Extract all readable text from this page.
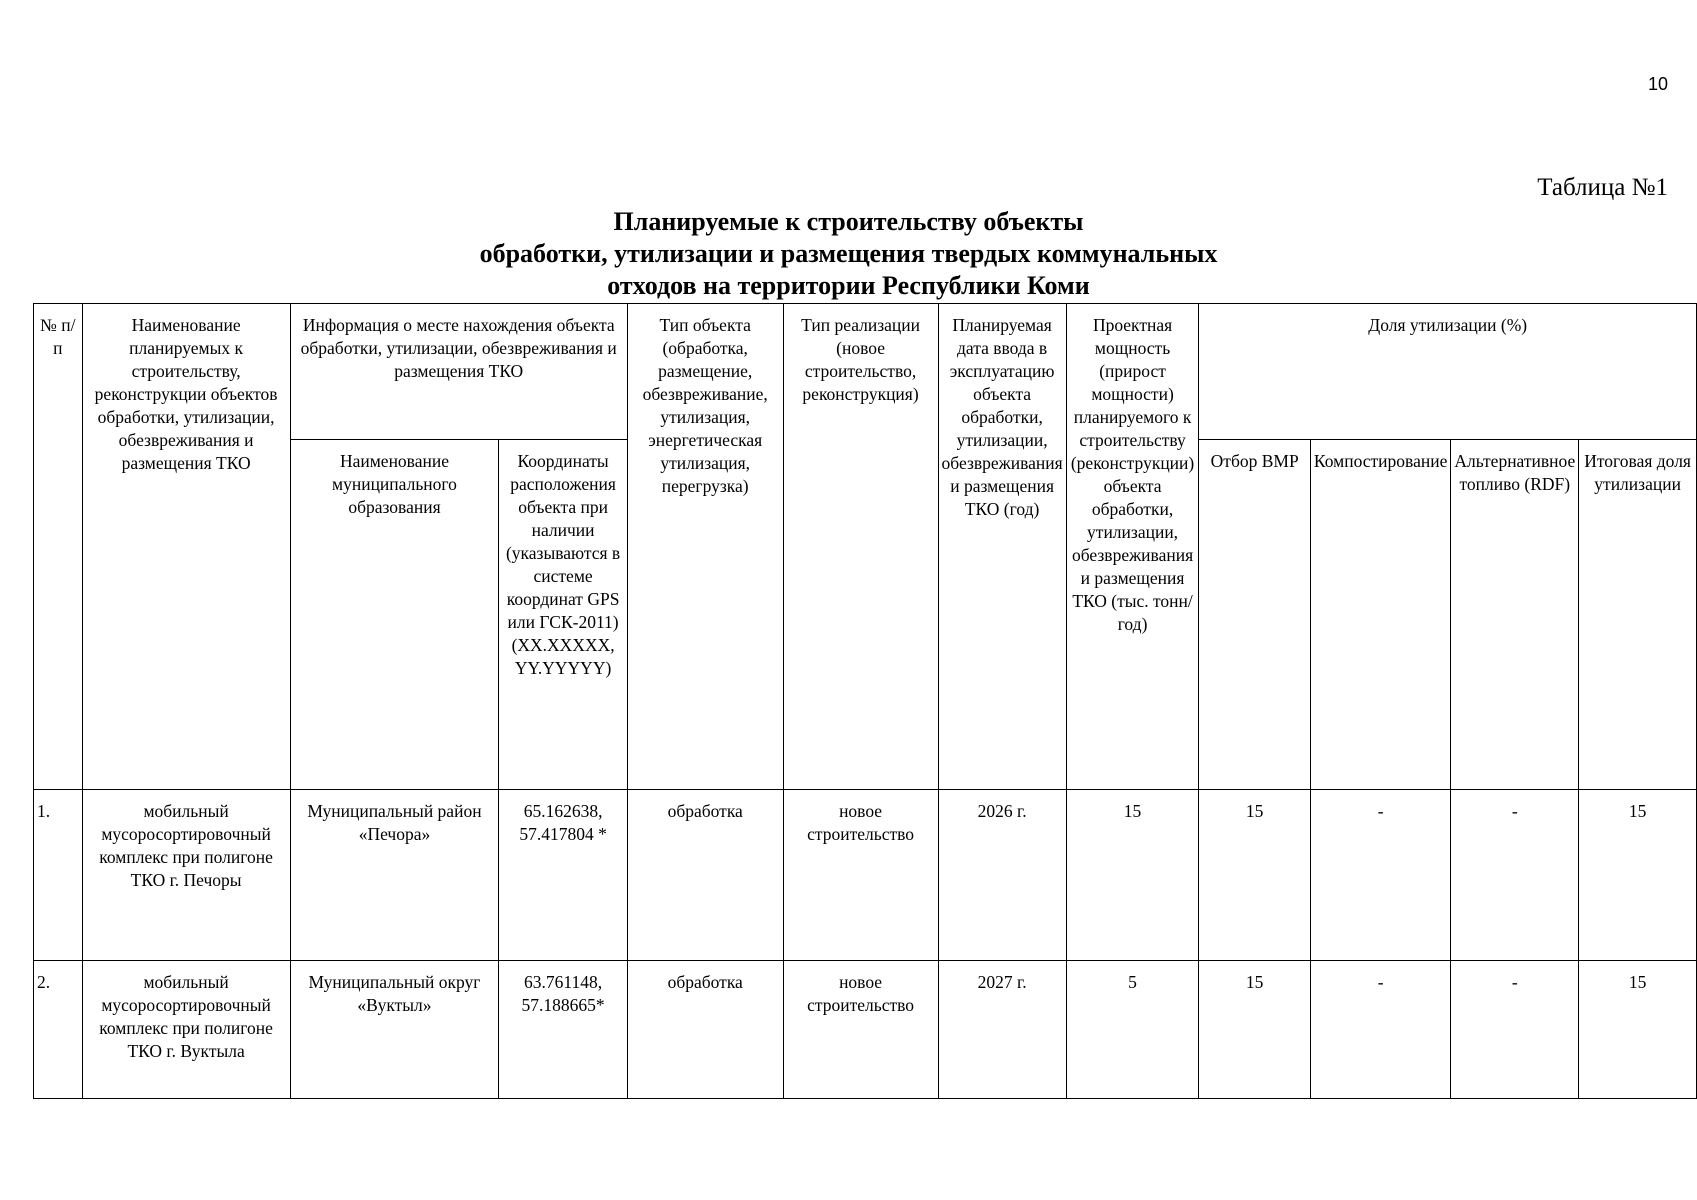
10
Таблица №1
Планируемые к строительству объекты
обработки, утилизации и размещения твердых коммунальных
отходов на территории Республики Коми
№ п/п	Наименование планируемых к строительству, реконструкции объектов обработки, утилизации, обезвреживания и размещения ТКО	Информация о месте нахождения объекта обработки, утилизации, обезвреживания и размещения ТКО		Тип объекта (обработка, размещение, обезвреживание, утилизация, энергетическая утилизация, перегрузка)	Тип реализации (новое строительство, реконструкция)	Планируемая дата ввода в эксплуатацию объекта обработки, утилизации, обезвреживания и размещения ТКО (год)	Проектная мощность (прирост мощности) планируемого к строительству (реконструкции) объекта обработки, утилизации, обезвреживания и размещения ТКО (тыс. тонн/год)	Доля утилизации (%)			
		Наименование муниципального образования	Координаты расположения объекта при наличии (указываются в системе координат GPS или ГСК-2011) (XX.XXXXX, YY.YYYYY)					Отбор ВМР	Компостирование	Альтернативное топливо (RDF)	Итоговая доля утилизации
1.	мобильный мусоросортировочный комплекс при полигоне ТКО г. Печоры	Муниципальный район «Печора»	65.162638, 57.417804 *	обработка	новое строительство	2026 г.	15	15	-	-	15
2.	мобильный мусоросортировочный комплекс при полигоне ТКО г. Вуктыла	Муниципальный округ «Вуктыл»	63.761148, 57.188665*	обработка	новое строительство	2027 г.	5	15	-	-	15
